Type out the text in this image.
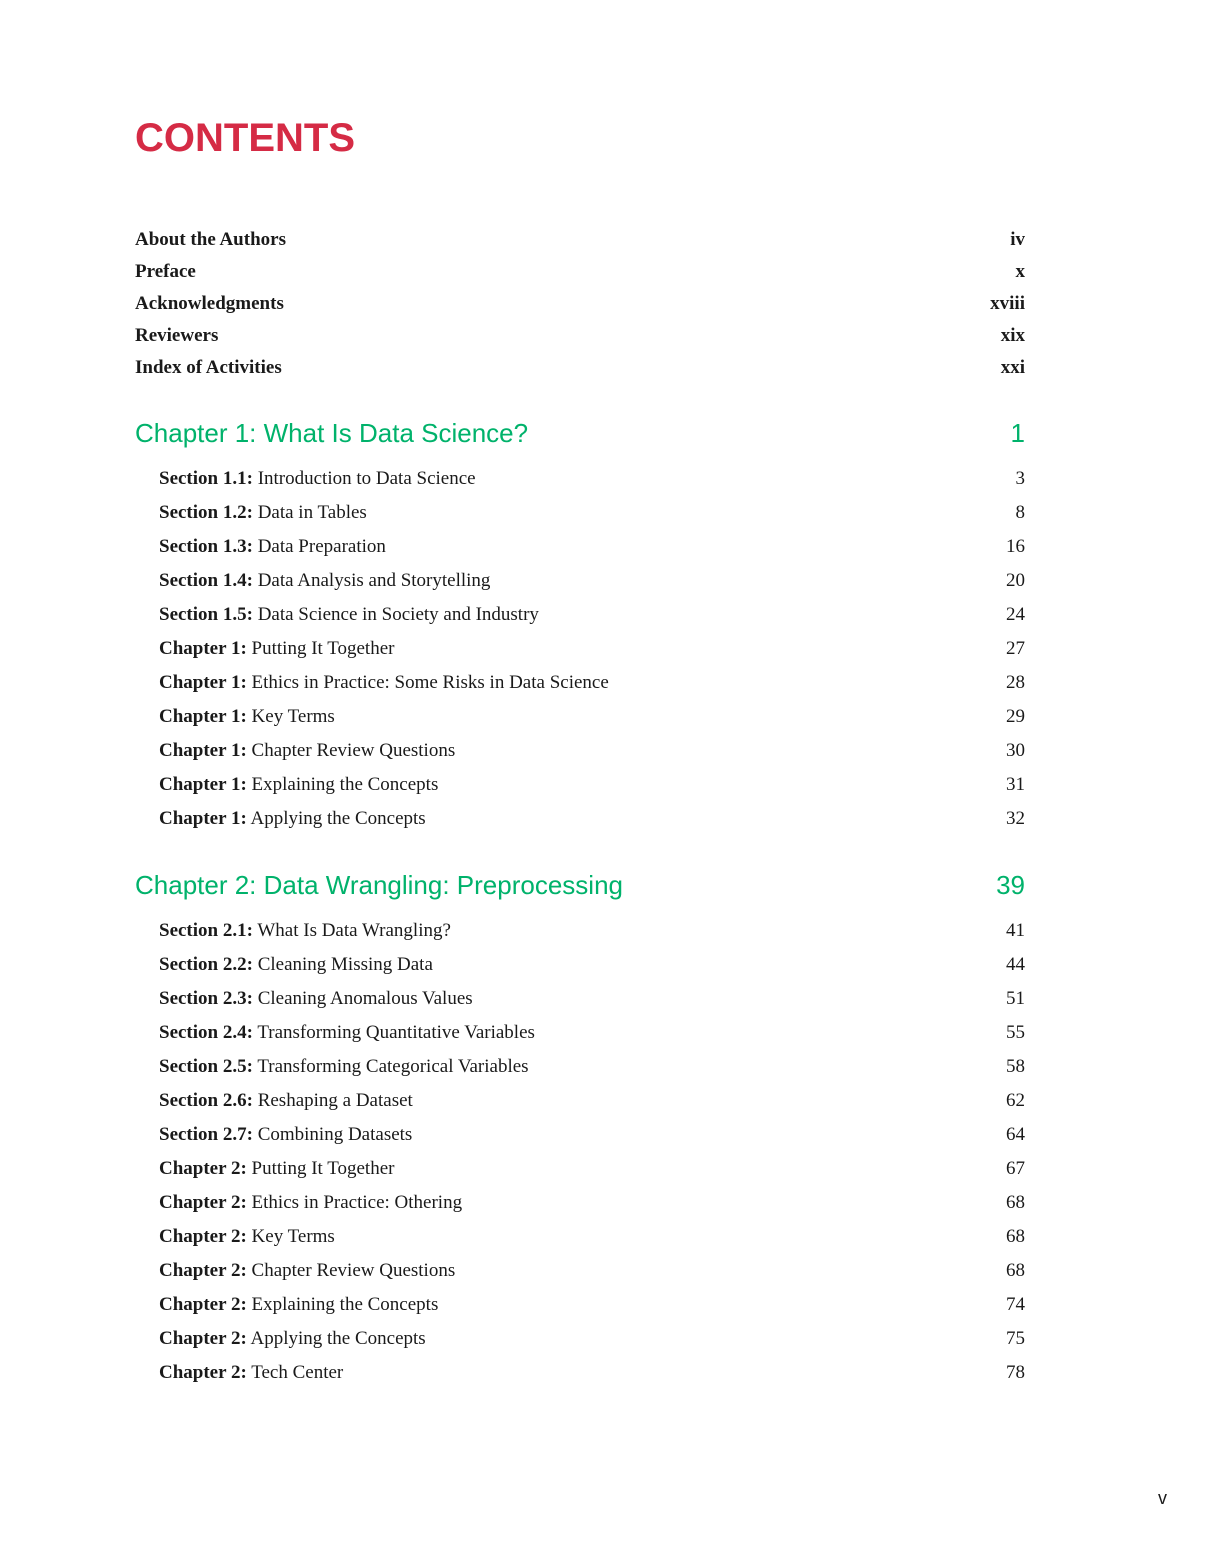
CONTENTS
About the Authors	iv
Preface	x
Acknowledgments	xviii
Reviewers	xix
Index of Activities	xxi
Chapter 1: What Is Data Science?	1
Section 1.1: Introduction to Data Science	3
Section 1.2: Data in Tables	8
Section 1.3: Data Preparation	16
Section 1.4: Data Analysis and Storytelling	20
Section 1.5: Data Science in Society and Industry	24
Chapter 1: Putting It Together	27
Chapter 1: Ethics in Practice: Some Risks in Data Science	28
Chapter 1: Key Terms	29
Chapter 1: Chapter Review Questions	30
Chapter 1: Explaining the Concepts	31
Chapter 1: Applying the Concepts	32
Chapter 2: Data Wrangling: Preprocessing	39
Section 2.1: What Is Data Wrangling?	41
Section 2.2: Cleaning Missing Data	44
Section 2.3: Cleaning Anomalous Values	51
Section 2.4: Transforming Quantitative Variables	55
Section 2.5: Transforming Categorical Variables	58
Section 2.6: Reshaping a Dataset	62
Section 2.7: Combining Datasets	64
Chapter 2: Putting It Together	67
Chapter 2: Ethics in Practice: Othering	68
Chapter 2: Key Terms	68
Chapter 2: Chapter Review Questions	68
Chapter 2: Explaining the Concepts	74
Chapter 2: Applying the Concepts	75
Chapter 2: Tech Center	78
v
